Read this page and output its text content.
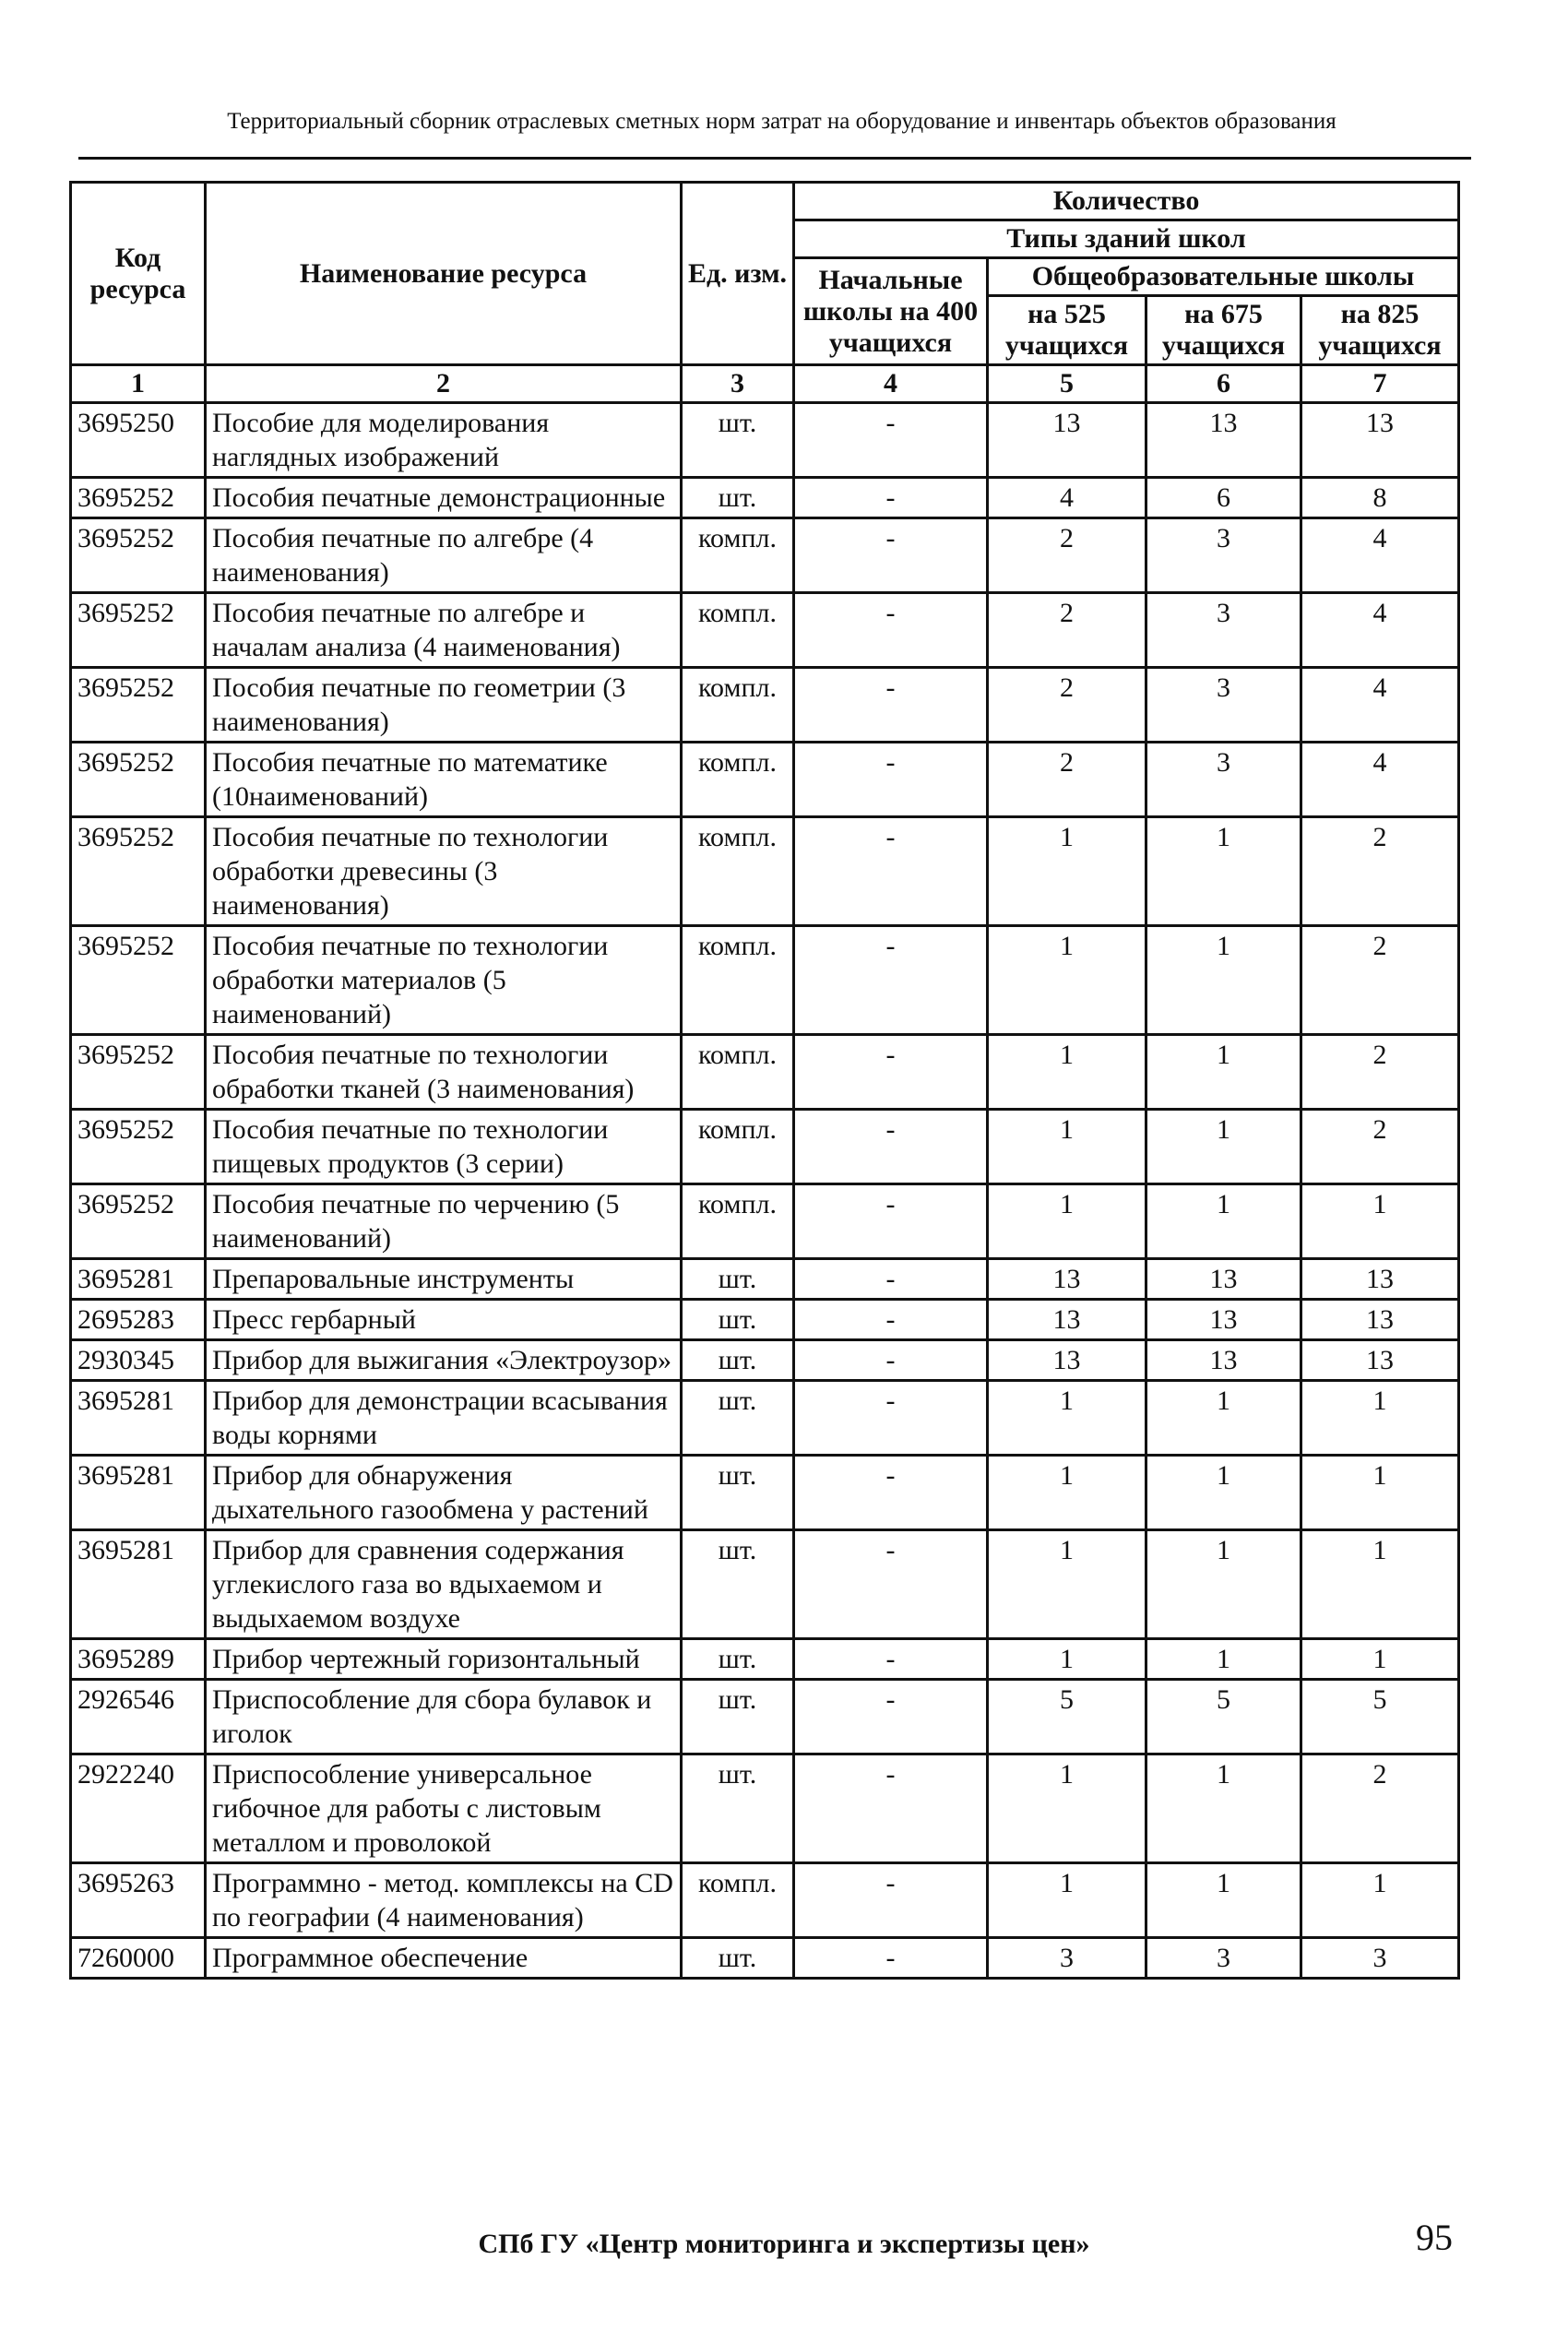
Территориальный сборник отраслевых сметных норм затрат на оборудование и инвентарь объектов образования
Код ресурса	Наименование ресурса	Ед. изм.	Количество			
			Типы зданий школ			
			Начальные школы на 400 учащихся	Общеобразовательные школы		
				на 525 учащихся	на 675 учащихся	на 825 учащихся
1	2	3	4	5	6	7
3695250	Пособие для моделирования наглядных изображений	шт.	-	13	13	13
3695252	Пособия печатные демонстрационные	шт.	-	4	6	8
3695252	Пособия печатные по алгебре (4 наименования)	компл.	-	2	3	4
3695252	Пособия печатные по алгебре и началам анализа (4 наименования)	компл.	-	2	3	4
3695252	Пособия печатные по геометрии (3 наименования)	компл.	-	2	3	4
3695252	Пособия печатные по математике (10наименований)	компл.	-	2	3	4
3695252	Пособия печатные по технологии обработки древесины (3 наименования)	компл.	-	1	1	2
3695252	Пособия печатные по технологии обработки материалов (5 наименований)	компл.	-	1	1	2
3695252	Пособия печатные по технологии обработки тканей (3 наименования)	компл.	-	1	1	2
3695252	Пособия печатные по технологии пищевых продуктов (3 серии)	компл.	-	1	1	2
3695252	Пособия печатные по черчению (5 наименований)	компл.	-	1	1	1
3695281	Препаровальные инструменты	шт.	-	13	13	13
2695283	Пресс гербарный	шт.	-	13	13	13
2930345	Прибор для выжигания «Электроузор»	шт.	-	13	13	13
3695281	Прибор для демонстрации всасывания воды корнями	шт.	-	1	1	1
3695281	Прибор для обнаружения дыхательного газообмена у растений	шт.	-	1	1	1
3695281	Прибор для сравнения содержания углекислого газа во вдыхаемом и выдыхаемом воздухе	шт.	-	1	1	1
3695289	Прибор чертежный горизонтальный	шт.	-	1	1	1
2926546	Приспособление для сбора булавок и иголок	шт.	-	5	5	5
2922240	Приспособление универсальное гибочное для работы с листовым металлом и проволокой	шт.	-	1	1	2
3695263	Программно - метод. комплексы на CD по географии (4 наименования)	компл.	-	1	1	1
7260000	Программное обеспечение	шт.	-	3	3	3
СПб ГУ «Центр мониторинга и экспертизы цен»	95
